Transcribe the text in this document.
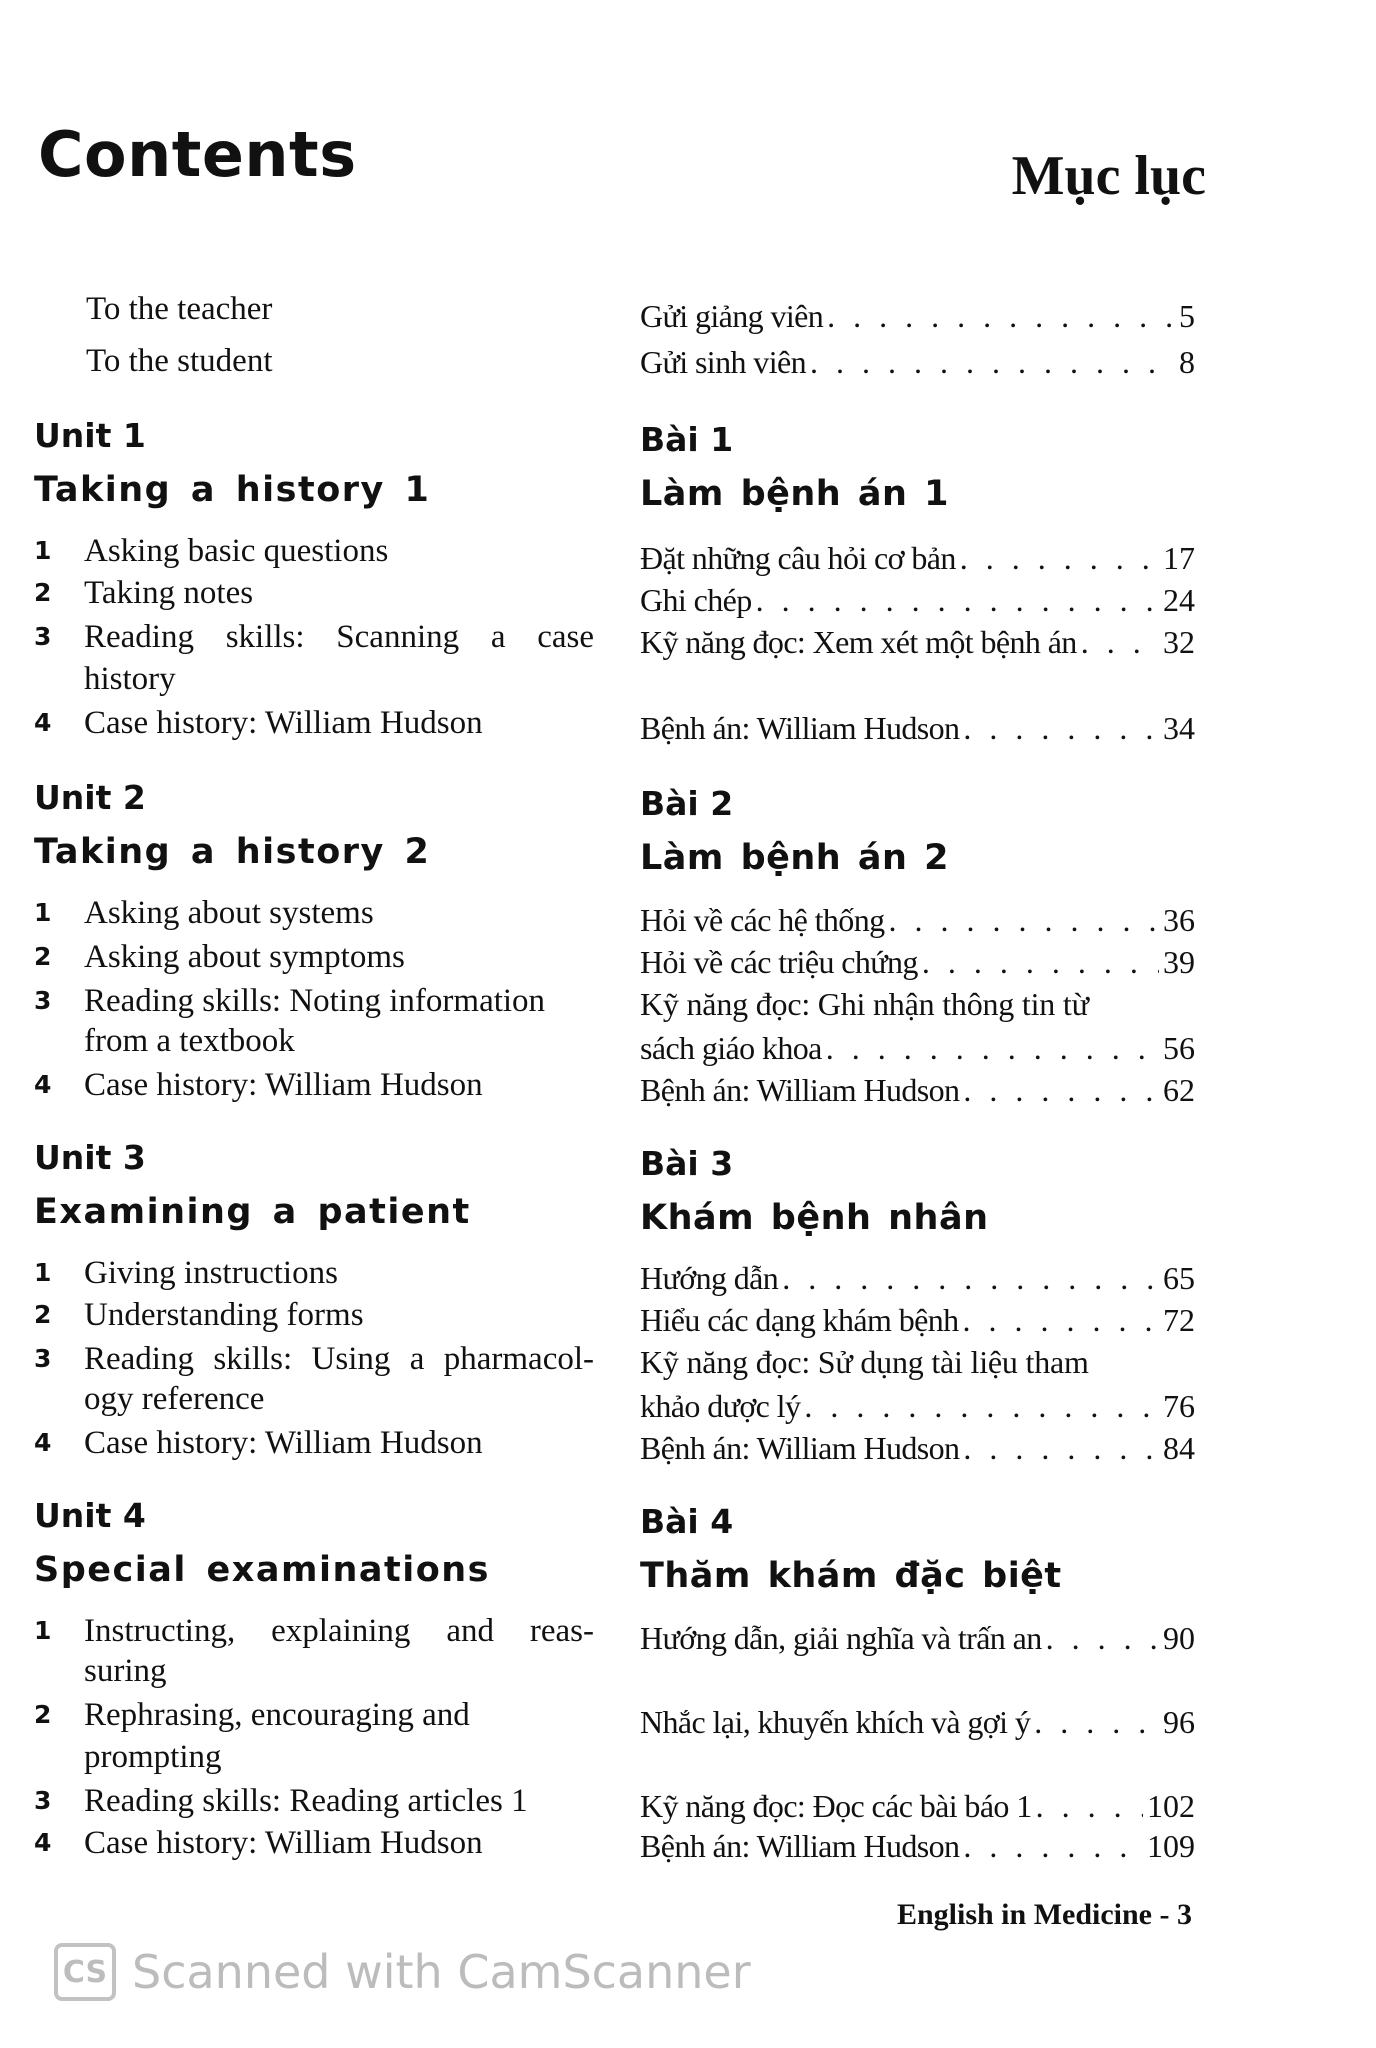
Contents	Mục lục
To the teacher
To the student
Unit 1
Taking a history 1
1 Asking basic questions
2 Taking notes
3 Reading skills: Scanning a case
history
4 Case history: William Hudson
Unit 2
Taking a history 2
1 Asking about systems
2 Asking about symptoms
3 Reading skills: Noting information
from a textbook
4 Case history: William Hudson
Unit 3
Examining a patient
1 Giving instructions
2 Understanding forms
3 Reading skills: Using a pharmacol-
ogy reference
4 Case history: William Hudson
Unit 4
Special examinations
1 Instructing, explaining and reas-
suring
2 Rephrasing, encouraging and
prompting
3 Reading skills: Reading articles 1
4 Case history: William Hudson
Gửi giảng viên . . .	5
Gửi sinh viên . . .	8
Bài 1
Làm bệnh án 1
Đặt những câu hỏi cơ bản . . .	17
Ghi chép . . .	24
Kỹ năng đọc: Xem xét một bệnh án . . .	32
Bệnh án: William Hudson . . .	34
Bài 2
Làm bệnh án 2
Hỏi về các hệ thống . . .	36
Hỏi về các triệu chứng . . .	39
Kỹ năng đọc: Ghi nhận thông tin từ
sách giáo khoa . . .	56
Bệnh án: William Hudson . . .	62
Bài 3
Khám bệnh nhân
Hướng dẫn . . .	65
Hiểu các dạng khám bệnh . . .	72
Kỹ năng đọc: Sử dụng tài liệu tham
khảo dược lý . . .	76
Bệnh án: William Hudson . . .	84
Bài 4
Thăm khám đặc biệt
Hướng dẫn, giải nghĩa và trấn an . . .	90
Nhắc lại, khuyến khích và gợi ý . . .	96
Kỹ năng đọc: Đọc các bài báo 1 . . .	102
Bệnh án: William Hudson . . .	109
English in Medicine - 3
CS Scanned with CamScanner
